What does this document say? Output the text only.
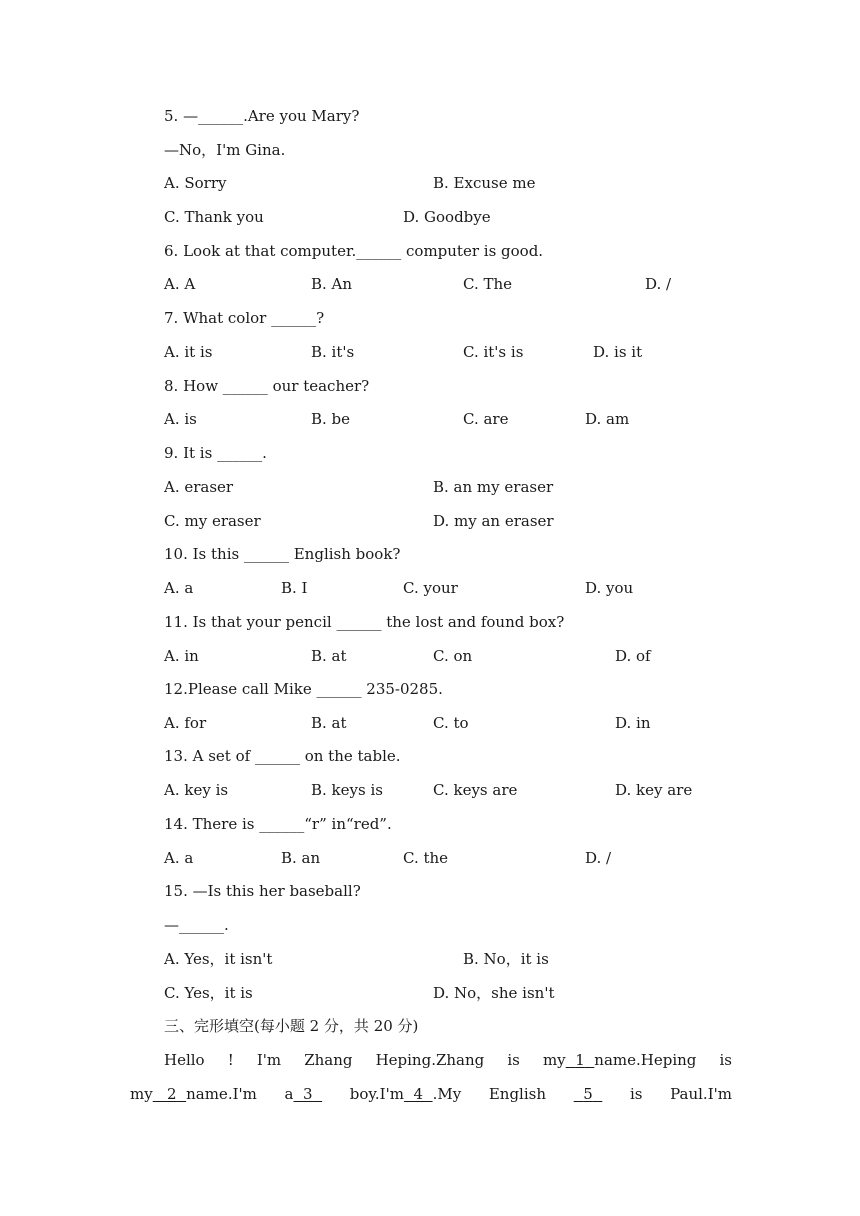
5. —______.Are you Mary?

—No，I'm Gina.

A. Sorry	B. Excuse me
C. Thank you	D. Goodbye

6. Look at that computer.______ computer is good.

A. A	B. An	C. The	D. /

7. What color ______?

A. it is	B. it's	C. it's is	D. is it

8. How ______ our teacher?

A. is	B. be	C. are	D. am

9. It is ______.

A. eraser	B. an my eraser
C. my eraser	D. my an eraser

10. Is this ______ English book?

A. a	B. I	C. your	D. you

11. Is that your pencil ______ the lost and found box?

A. in	B. at	C. on	D. of

12.Please call Mike ______ 235-0285.

A. for	B. at	C. to	D. in

13. A set of ______ on the table.

A. key is	B. keys is	C. keys are	D. key are

14. There is ______“r” in“red”.

A. a	B. an	C. the	D. /

15. —Is this her baseball?

—______.

A. Yes，it isn't	B. No，it is
C. Yes，it is	D. No，she isn't

三、完形填空(每小题 2 分，共 20 分)

Hello ! I'm Zhang Heping.Zhang is my 1 name.Heping is
my 2 name.I'm a 3	boy.I'm 4 .My English	5	is Paul.I'm
